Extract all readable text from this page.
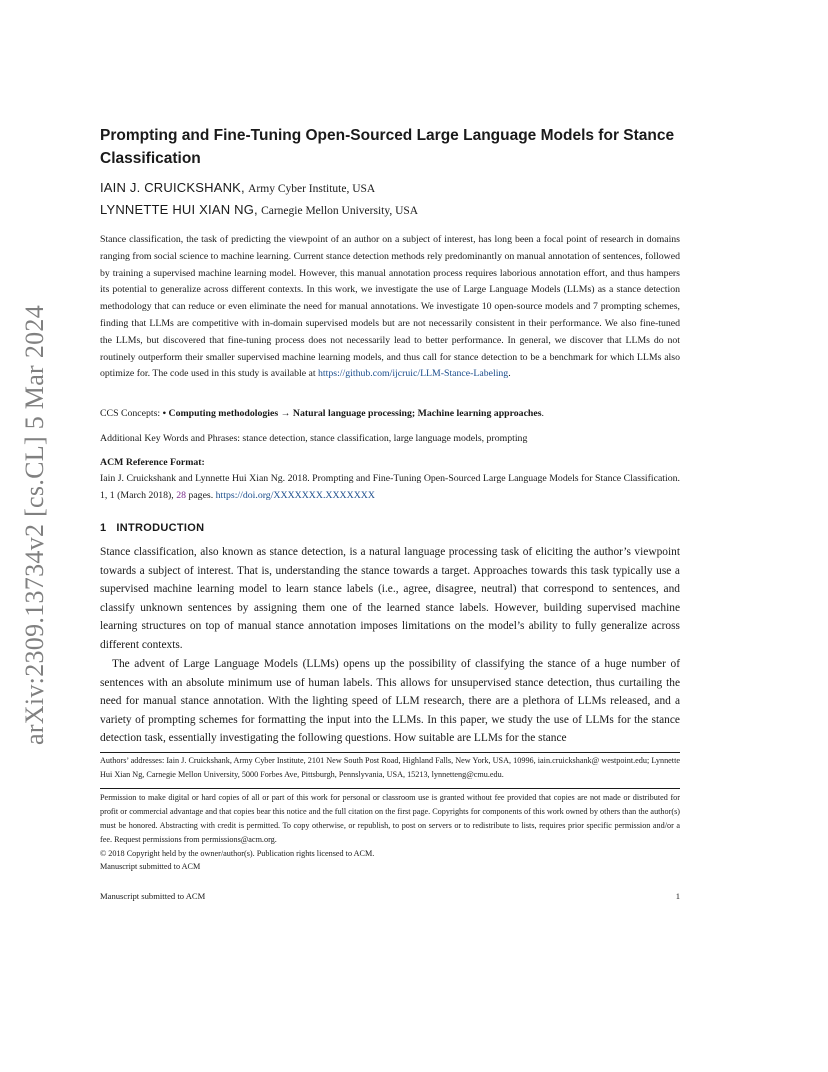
arXiv:2309.13734v2 [cs.CL] 5 Mar 2024
Prompting and Fine-Tuning Open-Sourced Large Language Models for Stance Classification
IAIN J. CRUICKSHANK, Army Cyber Institute, USA
LYNNETTE HUI XIAN NG, Carnegie Mellon University, USA

Stance classification, the task of predicting the viewpoint of an author on a subject of interest, has long been a focal point of research in domains ranging from social science to machine learning. Current stance detection methods rely predominantly on manual annotation of sentences, followed by training a supervised machine learning model. However, this manual annotation process requires laborious annotation effort, and thus hampers its potential to generalize across different contexts. In this work, we investigate the use of Large Language Models (LLMs) as a stance detection methodology that can reduce or even eliminate the need for manual annotations. We investigate 10 open-source models and 7 prompting schemes, finding that LLMs are competitive with in-domain supervised models but are not necessarily consistent in their performance. We also fine-tuned the LLMs, but discovered that fine-tuning process does not necessarily lead to better performance. In general, we discover that LLMs do not routinely outperform their smaller supervised machine learning models, and thus call for stance detection to be a benchmark for which LLMs also optimize for. The code used in this study is available at https://github.com/ijcruic/LLM-Stance-Labeling.

CCS Concepts: • Computing methodologies → Natural language processing; Machine learning approaches.

Additional Key Words and Phrases: stance detection, stance classification, large language models, prompting

ACM Reference Format:

Iain J. Cruickshank and Lynnette Hui Xian Ng. 2018. Prompting and Fine-Tuning Open-Sourced Large Language Models for Stance Classification. 1, 1 (March 2018), 28 pages. https://doi.org/XXXXXXX.XXXXXXX

1 INTRODUCTION

Stance classification, also known as stance detection, is a natural language processing task of eliciting the author’s viewpoint towards a subject of interest. That is, understanding the stance towards a target. Approaches towards this task typically use a supervised machine learning model to learn stance labels (i.e., agree, disagree, neutral) that correspond to sentences, and classify unknown sentences by assigning them one of the learned stance labels. However, building supervised machine learning structures on top of manual stance annotation imposes limitations on the model’s ability to fully generalize across different contexts.

The advent of Large Language Models (LLMs) opens up the possibility of classifying the stance of a huge number of sentences with an absolute minimum use of human labels. This allows for unsupervised stance detection, thus curtailing the need for manual stance annotation. With the lighting speed of LLM research, there are a plethora of LLMs released, and a variety of prompting schemes for formatting the input into the LLMs. In this paper, we study the use of LLMs for the stance detection task, essentially investigating the following questions. How suitable are LLMs for the stance

Authors’ addresses: Iain J. Cruickshank, Army Cyber Institute, 2101 New South Post Road, Highland Falls, New York, USA, 10996, iain.cruickshank@ westpoint.edu; Lynnette Hui Xian Ng, Carnegie Mellon University, 5000 Forbes Ave, Pittsburgh, Pennslyvania, USA, 15213, lynnetteng@cmu.edu.

Permission to make digital or hard copies of all or part of this work for personal or classroom use is granted without fee provided that copies are not made or distributed for profit or commercial advantage and that copies bear this notice and the full citation on the first page. Copyrights for components of this work owned by others than the author(s) must be honored. Abstracting with credit is permitted. To copy otherwise, or republish, to post on servers or to redistribute to lists, requires prior specific permission and/or a fee. Request permissions from permissions@acm.org.

© 2018 Copyright held by the owner/author(s). Publication rights licensed to ACM.

Manuscript submitted to ACM

Manuscript submitted to ACM	1
